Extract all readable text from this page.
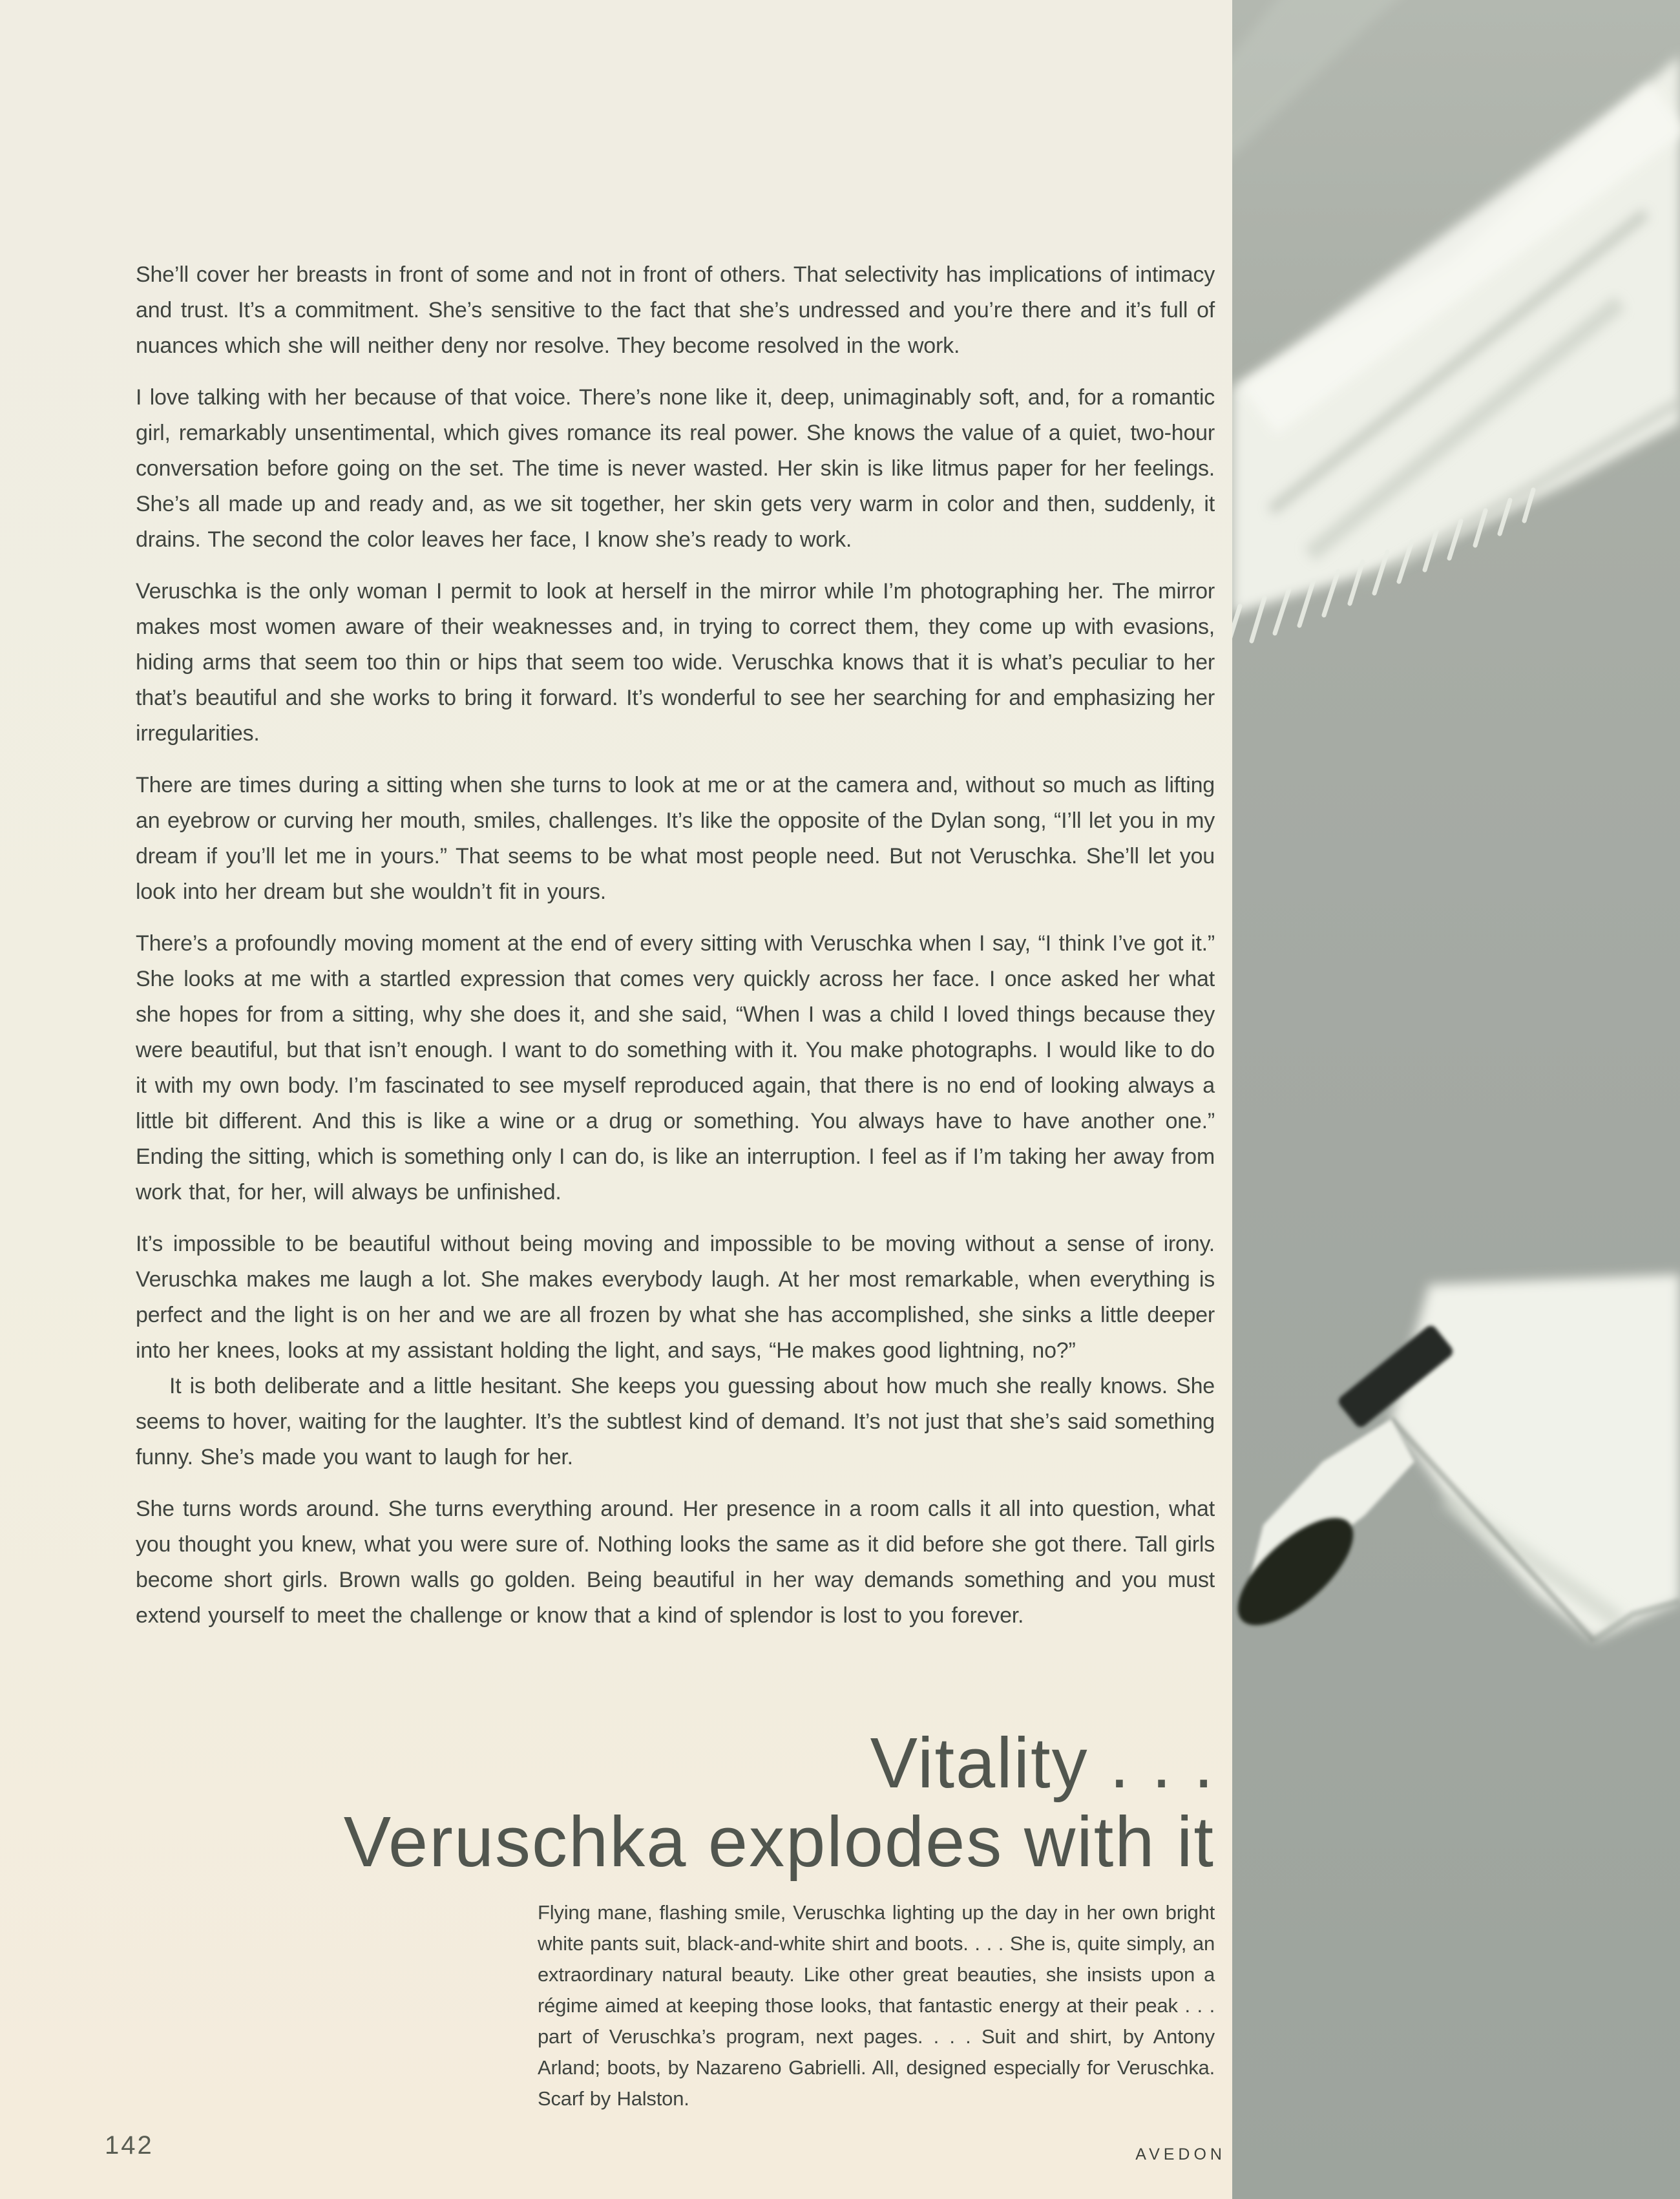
She’ll cover her breasts in front of some and not in front of others. That selectivity has implications of intimacy and trust. It’s a commitment. She’s sensitive to the fact that she’s undressed and you’re there and it’s full of nuances which she will neither deny nor resolve. They become resolved in the work.

I love talking with her because of that voice. There’s none like it, deep, unimaginably soft, and, for a romantic girl, remarkably unsentimental, which gives romance its real power. She knows the value of a quiet, two-hour conversation before going on the set. The time is never wasted. Her skin is like litmus paper for her feelings. She’s all made up and ready and, as we sit together, her skin gets very warm in color and then, suddenly, it drains. The second the color leaves her face, I know she’s ready to work.

Veruschka is the only woman I permit to look at herself in the mirror while I’m photographing her. The mirror makes most women aware of their weaknesses and, in trying to correct them, they come up with evasions, hiding arms that seem too thin or hips that seem too wide. Veruschka knows that it is what’s peculiar to her that’s beautiful and she works to bring it forward. It’s wonderful to see her searching for and emphasizing her irregularities.

There are times during a sitting when she turns to look at me or at the camera and, without so much as lifting an eyebrow or curving her mouth, smiles, challenges. It’s like the opposite of the Dylan song, “I’ll let you in my dream if you’ll let me in yours.” That seems to be what most people need. But not Veruschka. She’ll let you look into her dream but she wouldn’t fit in yours.

There’s a profoundly moving moment at the end of every sitting with Veruschka when I say, “I think I’ve got it.” She looks at me with a startled expression that comes very quickly across her face. I once asked her what she hopes for from a sitting, why she does it, and she said, “When I was a child I loved things because they were beautiful, but that isn’t enough. I want to do something with it. You make photographs. I would like to do it with my own body. I’m fascinated to see myself reproduced again, that there is no end of looking always a little bit different. And this is like a wine or a drug or something. You always have to have another one.” Ending the sitting, which is something only I can do, is like an interruption. I feel as if I’m taking her away from work that, for her, will always be unfinished.

It’s impossible to be beautiful without being moving and impossible to be moving without a sense of irony. Veruschka makes me laugh a lot. She makes everybody laugh. At her most remarkable, when everything is perfect and the light is on her and we are all frozen by what she has accomplished, she sinks a little deeper into her knees, looks at my assistant holding the light, and says, “He makes good lightning, no?”

It is both deliberate and a little hesitant. She keeps you guessing about how much she really knows. She seems to hover, waiting for the laughter. It’s the subtlest kind of demand. It’s not just that she’s said something funny. She’s made you want to laugh for her.

She turns words around. She turns everything around. Her presence in a room calls it all into question, what you thought you knew, what you were sure of. Nothing looks the same as it did before she got there. Tall girls become short girls. Brown walls go golden. Being beautiful in her way demands something and you must extend yourself to meet the challenge or know that a kind of splendor is lost to you forever.

Vitality . . .
Veruschka explodes with it
Flying mane, flashing smile, Veruschka lighting up the day in her own bright white pants suit, black-and-white shirt and boots. . . . She is, quite simply, an extraordinary natural beauty. Like other great beauties, she insists upon a régime aimed at keeping those looks, that fantastic energy at their peak . . . part of Veruschka’s program, next pages. . . . Suit and shirt, by Antony Arland; boots, by Nazareno Gabrielli. All, designed especially for Veruschka. Scarf by Halston.
142	AVEDON
